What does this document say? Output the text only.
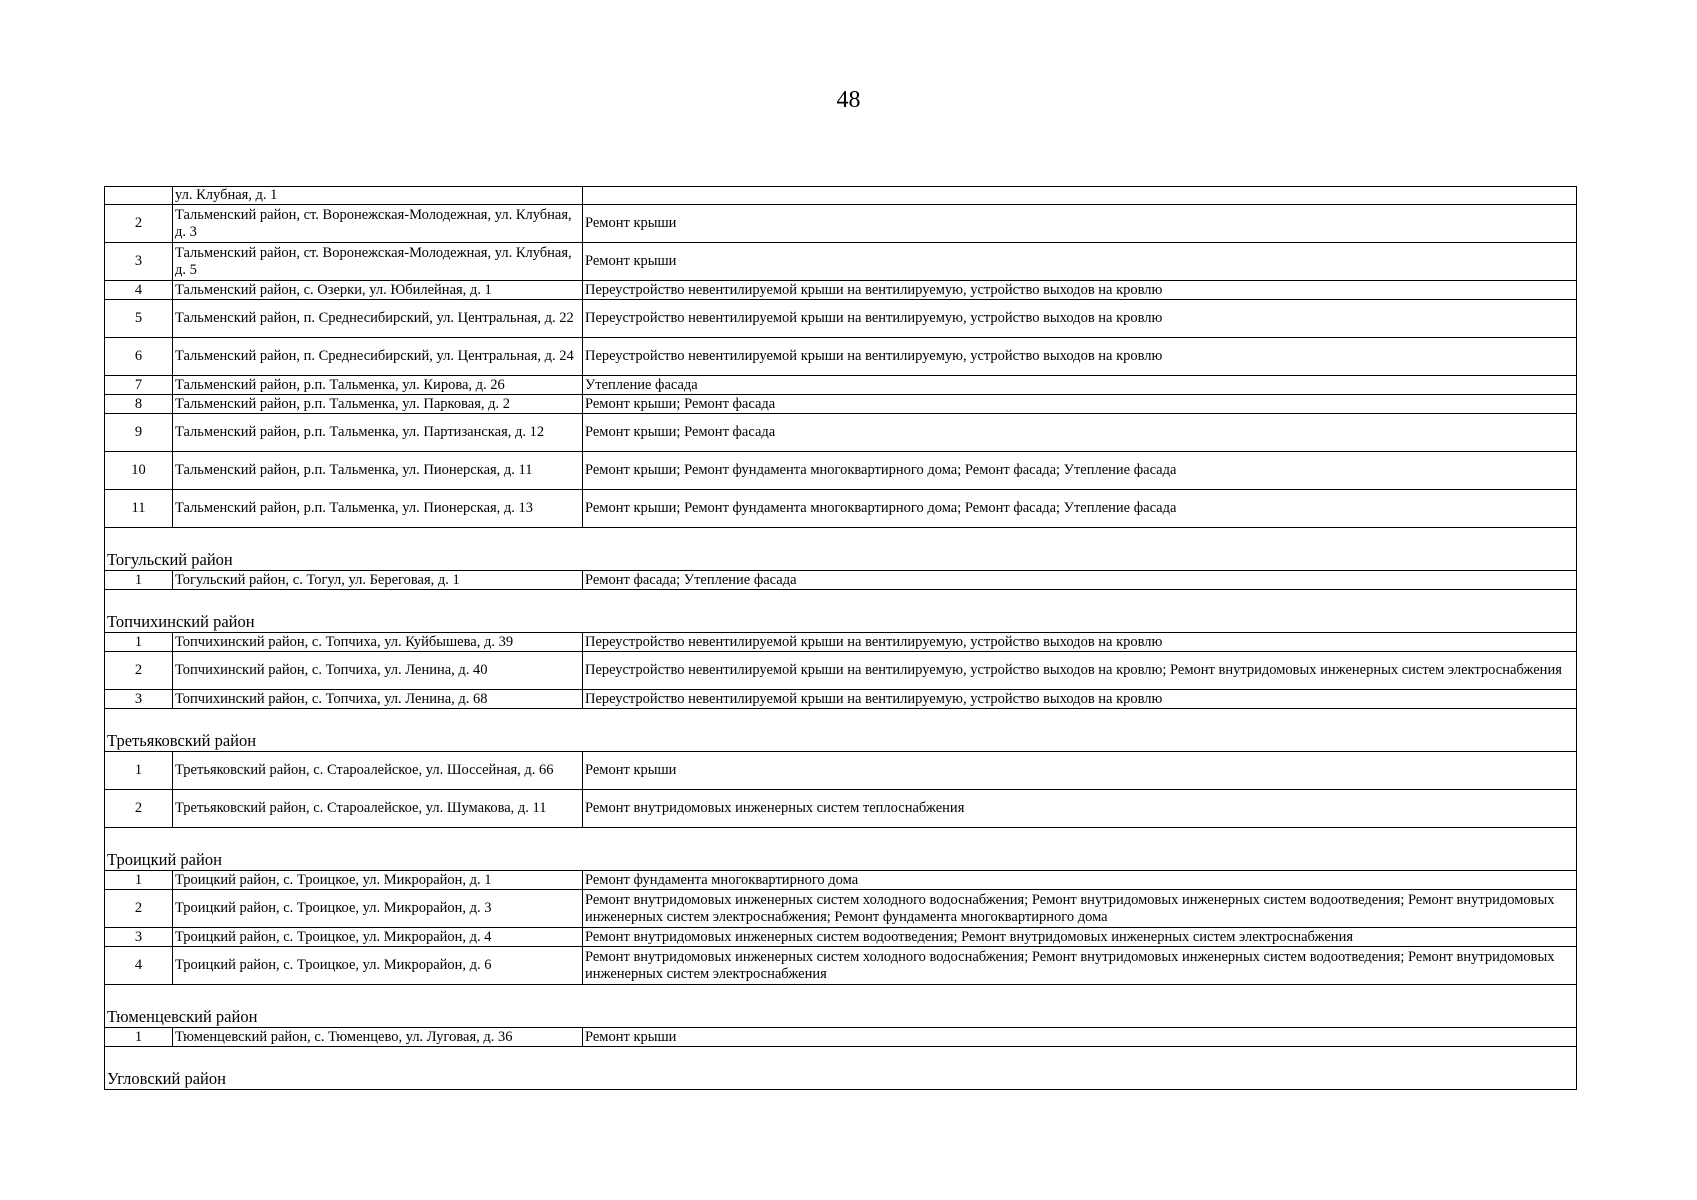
48
	ул. Клубная, д. 1	
2	Тальменский район, ст. Воронежская-Молодежная, ул. Клубная, д. 3	Ремонт крыши
3	Тальменский район, ст. Воронежская-Молодежная, ул. Клубная, д. 5	Ремонт крыши
4	Тальменский район, с. Озерки, ул. Юбилейная, д. 1	Переустройство невентилируемой крыши на вентилируемую, устройство выходов на кровлю
5	Тальменский район, п. Среднесибирский, ул. Центральная, д. 22	Переустройство невентилируемой крыши на вентилируемую, устройство выходов на кровлю
6	Тальменский район, п. Среднесибирский, ул. Центральная, д. 24	Переустройство невентилируемой крыши на вентилируемую, устройство выходов на кровлю
7	Тальменский район, р.п. Тальменка, ул. Кирова, д. 26	Утепление фасада
8	Тальменский район, р.п. Тальменка, ул. Парковая, д. 2	Ремонт крыши; Ремонт фасада
9	Тальменский район, р.п. Тальменка, ул. Партизанская, д. 12	Ремонт крыши; Ремонт фасада
10	Тальменский район, р.п. Тальменка, ул. Пионерская, д. 11	Ремонт крыши; Ремонт фундамента многоквартирного дома; Ремонт фасада; Утепление фасада
11	Тальменский район, р.п. Тальменка, ул. Пионерская, д. 13	Ремонт крыши; Ремонт фундамента многоквартирного дома; Ремонт фасада; Утепление фасада
Тогульский район		
1	Тогульский район, с. Тогул, ул. Береговая, д. 1	Ремонт фасада; Утепление фасада
Топчихинский район		
1	Топчихинский район, с. Топчиха, ул. Куйбышева, д. 39	Переустройство невентилируемой крыши на вентилируемую, устройство выходов на кровлю
2	Топчихинский район, с. Топчиха, ул. Ленина, д. 40	Переустройство невентилируемой крыши на вентилируемую, устройство выходов на кровлю; Ремонт внутридомовых инженерных систем электроснабжения
3	Топчихинский район, с. Топчиха, ул. Ленина, д. 68	Переустройство невентилируемой крыши на вентилируемую, устройство выходов на кровлю
Третьяковский район		
1	Третьяковский район, с. Староалейское, ул. Шоссейная, д. 66	Ремонт крыши
2	Третьяковский район, с. Староалейское, ул. Шумакова, д. 11	Ремонт внутридомовых инженерных систем теплоснабжения
Троицкий район		
1	Троицкий район, с. Троицкое, ул. Микрорайон, д. 1	Ремонт фундамента многоквартирного дома
2	Троицкий район, с. Троицкое, ул. Микрорайон, д. 3	Ремонт внутридомовых инженерных систем холодного водоснабжения; Ремонт внутридомовых инженерных систем водоотведения; Ремонт внутридомовых инженерных систем электроснабжения; Ремонт фундамента многоквартирного дома
3	Троицкий район, с. Троицкое, ул. Микрорайон, д. 4	Ремонт внутридомовых инженерных систем водоотведения; Ремонт внутридомовых инженерных систем электроснабжения
4	Троицкий район, с. Троицкое, ул. Микрорайон, д. 6	Ремонт внутридомовых инженерных систем холодного водоснабжения; Ремонт внутридомовых инженерных систем водоотведения; Ремонт внутридомовых инженерных систем электроснабжения
Тюменцевский район		
1	Тюменцевский район, с. Тюменцево, ул. Луговая, д. 36	Ремонт крыши
Угловский район		
